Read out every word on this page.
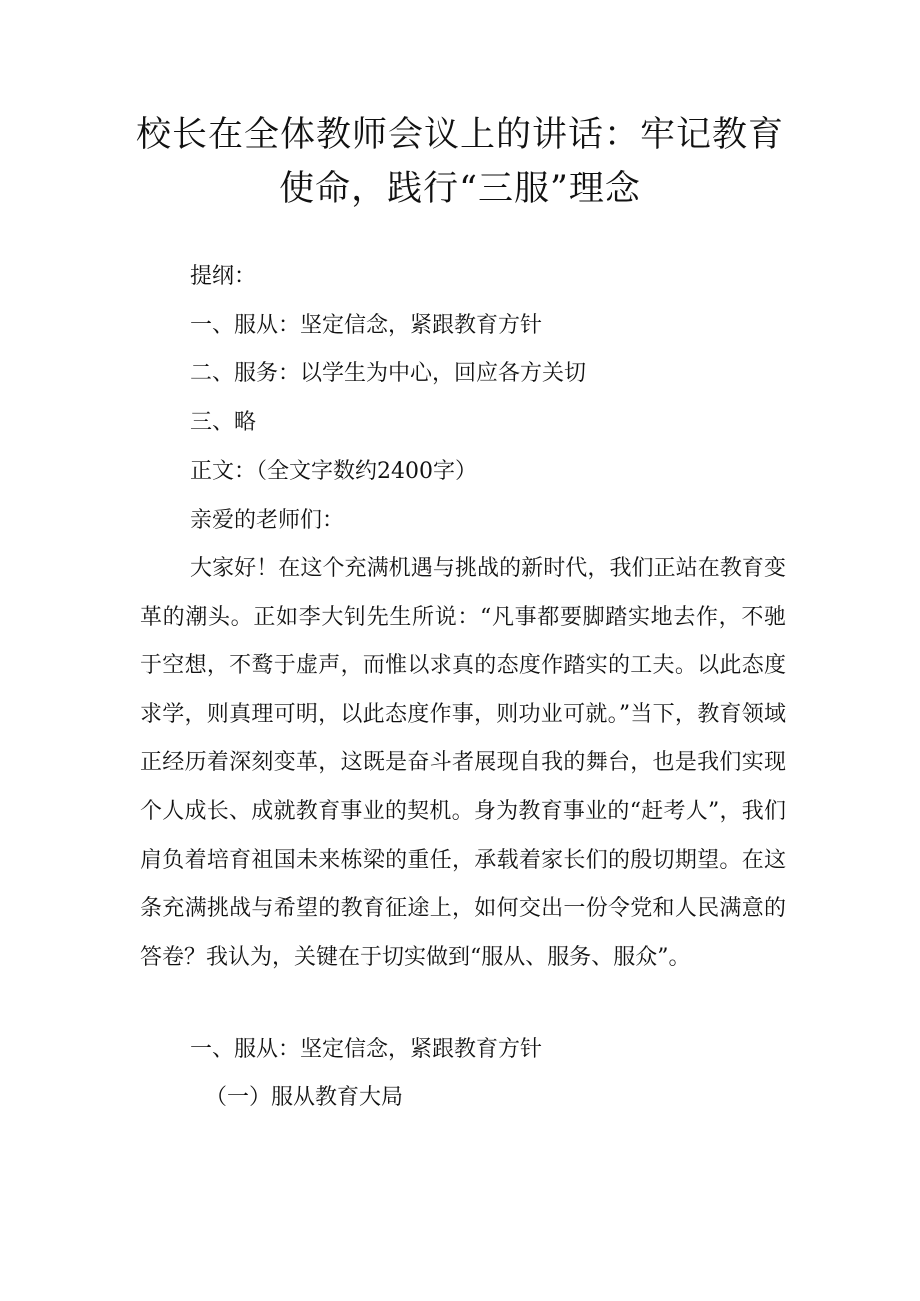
校长在全体教师会议上的讲话：牢记教育使命，践行“三服”理念

提纲：

一、服从：坚定信念，紧跟教育方针

二、服务：以学生为中心，回应各方关切

三、略

正文：（全文字数约2400字）

亲爱的老师们：

大家好！在这个充满机遇与挑战的新时代，我们正站在教育变革的潮头。正如李大钊先生所说：“凡事都要脚踏实地去作，不驰于空想，不鹜于虚声，而惟以求真的态度作踏实的工夫。以此态度求学，则真理可明，以此态度作事，则功业可就。”当下，教育领域正经历着深刻变革，这既是奋斗者展现自我的舞台，也是我们实现个人成长、成就教育事业的契机。身为教育事业的“赶考人”，我们肩负着培育祖国未来栋梁的重任，承载着家长们的殷切期望。在这条充满挑战与希望的教育征途上，如何交出一份令党和人民满意的答卷？我认为，关键在于切实做到“服从、服务、服众”。

一、服从：坚定信念，紧跟教育方针

（一）服从教育大局
